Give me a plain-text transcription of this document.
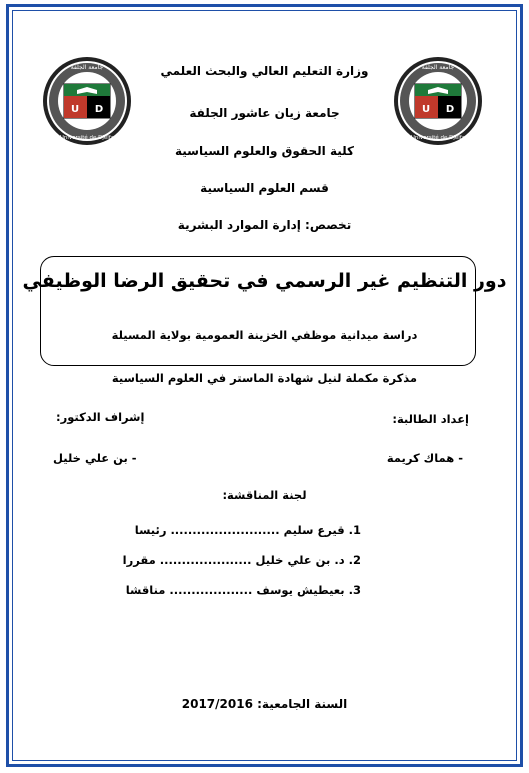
U D
جامعة الجلفة
Université de Djelfa
U D
جامعة الجلفة
Université de Djelfa
وزارة التعليم العالي والبحث العلمي
جامعة زيان عاشور الجلفة
كلية الحقوق والعلوم السياسية
قسم العلوم السياسية
تخصص: إدارة الموارد البشرية
دور التنظيم غير الرسمي في تحقيق الرضا الوظيفي
دراسة ميدانية موظفي الخزينة العمومية بولاية المسيلة
مذكرة مكملة لنيل شهادة الماستر في العلوم السياسية
إعداد الطالبة:
إشراف الدكتور:
- هماك كريمة
- بن علي خليل
لجنة المناقشة:
1. قيرع سليم ......................... رئيسا
2. د. بن علي خليل ..................... مقررا
3. بعيطيش يوسف ................... مناقشا
السنة الجامعية: 2017/2016
